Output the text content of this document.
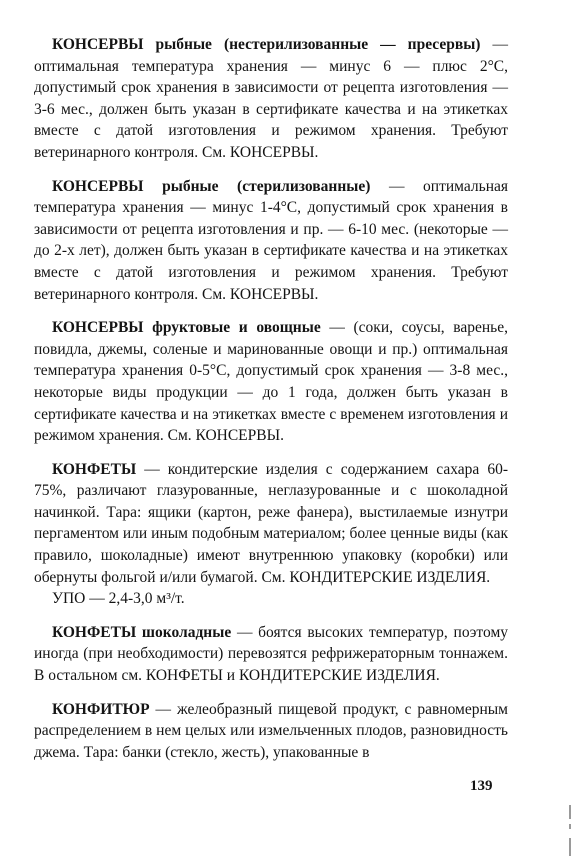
КОНСЕРВЫ рыбные (нестерилизованные — пресервы) — оптимальная температура хранения — минус 6 — плюс 2°С, допустимый срок хранения в зависимости от рецепта изготовления — 3-6 мес., должен быть указан в сертификате качества и на этикетках вместе с датой изготовления и режимом хранения. Требуют ветеринарного контроля. См. КОНСЕРВЫ.

КОНСЕРВЫ рыбные (стерилизованные) — оптимальная температура хранения — минус 1-4°С, допустимый срок хранения в зависимости от рецепта изготовления и пр. — 6-10 мес. (некоторые — до 2-х лет), должен быть указан в сертификате качества и на этикетках вместе с датой изготовления и режимом хранения. Требуют ветеринарного контроля. См. КОНСЕРВЫ.

КОНСЕРВЫ фруктовые и овощные — (соки, соусы, варенье, повидла, джемы, соленые и маринованные овощи и пр.) оптимальная температура хранения 0-5°С, допустимый срок хранения — 3-8 мес., некоторые виды продукции — до 1 года, должен быть указан в сертификате качества и на этикетках вместе с временем изготовления и режимом хранения. См. КОНСЕРВЫ.

КОНФЕТЫ — кондитерские изделия с содержанием сахара 60-75%, различают глазурованные, неглазурованные и с шоколадной начинкой. Тара: ящики (картон, реже фанера), выстилаемые изнутри пергаментом или иным подобным материалом; более ценные виды (как правило, шоколадные) имеют внутреннюю упаковку (коробки) или обернуты фольгой и/или бумагой. См. КОНДИТЕРСКИЕ ИЗДЕЛИЯ.

УПО — 2,4-3,0 м³/т.

КОНФЕТЫ шоколадные — боятся высоких температур, поэтому иногда (при необходимости) перевозятся рефрижераторным тоннажем. В остальном см. КОНФЕТЫ и КОНДИТЕРСКИЕ ИЗДЕЛИЯ.

КОНФИТЮР — желеобразный пищевой продукт, с равномерным распределением в нем целых или измельченных плодов, разновидность джема. Тара: банки (стекло, жесть), упакованные в

139
